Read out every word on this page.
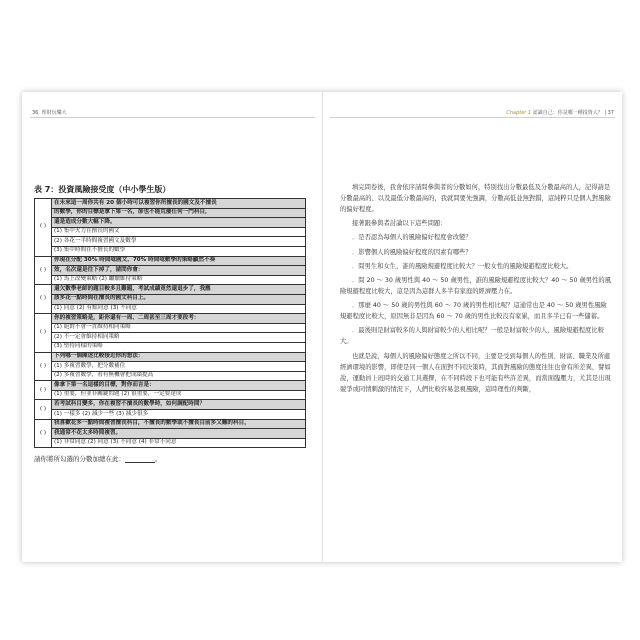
36 理財玩樂大	Chapter 1 認識自己：你是哪一種投資人？ | 37
表 7：投資風險接受度（中小學生版）
( )	在未來這一周你共有 20 個小時可以複習你所擅長的國文及不擅長
	的數學，你的目標是拿下第一名，卻也不能荒廢任何一門科目，
	還是造成分數大幅下降。
	(1) 集中火力在擅長的國文
	(2) 各花一半時間複習國文及數學
	(3) 集中時間在不擅長的數學
( )	你現在分配 30% 時間唸國文、70% 時間唸數學的策略顯然不奏
	效，名次還是往下掉了，請問你會：
	(1) 馬上改變策略 (2) 繼續維持策略
( )	還欠數學老師的題目較多且難題，考試成績竟然還退步了，我應
	該多花一點時間在擅長的國文科目上。
	(1) 同意 (2) 有點同意 (3) 不同意
( )	你的複習策略是，距你還有一周、二周甚至三周才要段考：
	(1) 絕對不會一直維持相同策略
	(2) 不一定會維持相同策略
	(3) 堅持同樣的策略
( )	下列哪一個陳述比較接近你的想法：
	(1) 多複習數學，把分數補住
	(2) 多複習數學，看有無機會把成績提高
( )	像拿下第一名這樣的目標，對你而言是：
	(1) 重要，但並非關鍵問題 (2) 很重要，一定要達成
( )	若考試科目變多，你在複習不擅長的數學時，如何調配時間？
	(1) 一樣多 (2) 減少一些 (3) 減少很多
( )	我喜歡花多一點時間複習擅長科目，不擅長的數學或不擅長目前多又難的科目，
	我通常不花太多時間複習。
	(1) 非常同意 (2) 同意 (3) 不同意 (4) 非常不同意
請你將所勾選的分數加總在此：	。

填完問卷後，我會依序請問參與者的分數如何，特別找出分數最低及分數最高的人，記得請是分數最高的、以及最低分數最高的，我就問要先強調，分數高低並無對錯，這純粹只是個人對風險的偏好程度。

接著跟參與者討論以下這些問題：

．是否認為每個人的風險偏好程度會改變？

．影響個人的風險偏好程度的因素有哪些？

．問男生和女生，誰的風險規避程度比較大？一般女性的風險規避程度比較大。

．問 20 ～ 30 歲男性與 40 ～ 50 歲男性，誰的風險規避程度比較大？40 ～ 50 歲男性的風險規避程度比較大，這是因為這群人多半有家庭的經濟壓力在。

．那麼 40 ～ 50 歲的男性與 60 ～ 70 歲的男性相比呢？這通常也是 40 ～ 50 歲男性風險規避程度比較大，原因無非是因為 60 ～ 70 歲的男性比較沒有家累，而且多半已有一些儲蓄。

．最後則是財富較多的人與財富較少的人相比呢？一般是財富較少的人，風險規避程度比較大。

也就是說，每個人的風險偏好態度之所以不同，主要是受到每個人的性別、財富、職業及所處經濟環境的影響，即使是同一個人在面對不同決策時，其面對風險的態度往往也會有所差異，譬如說，運動員上班時的交通工具選擇，在不同時段下也可能有些許差異，而當面臨壓力，尤其是出現競爭或同情刺激的情況下，人們比較容易忽視風險，這時理性的判斷，
